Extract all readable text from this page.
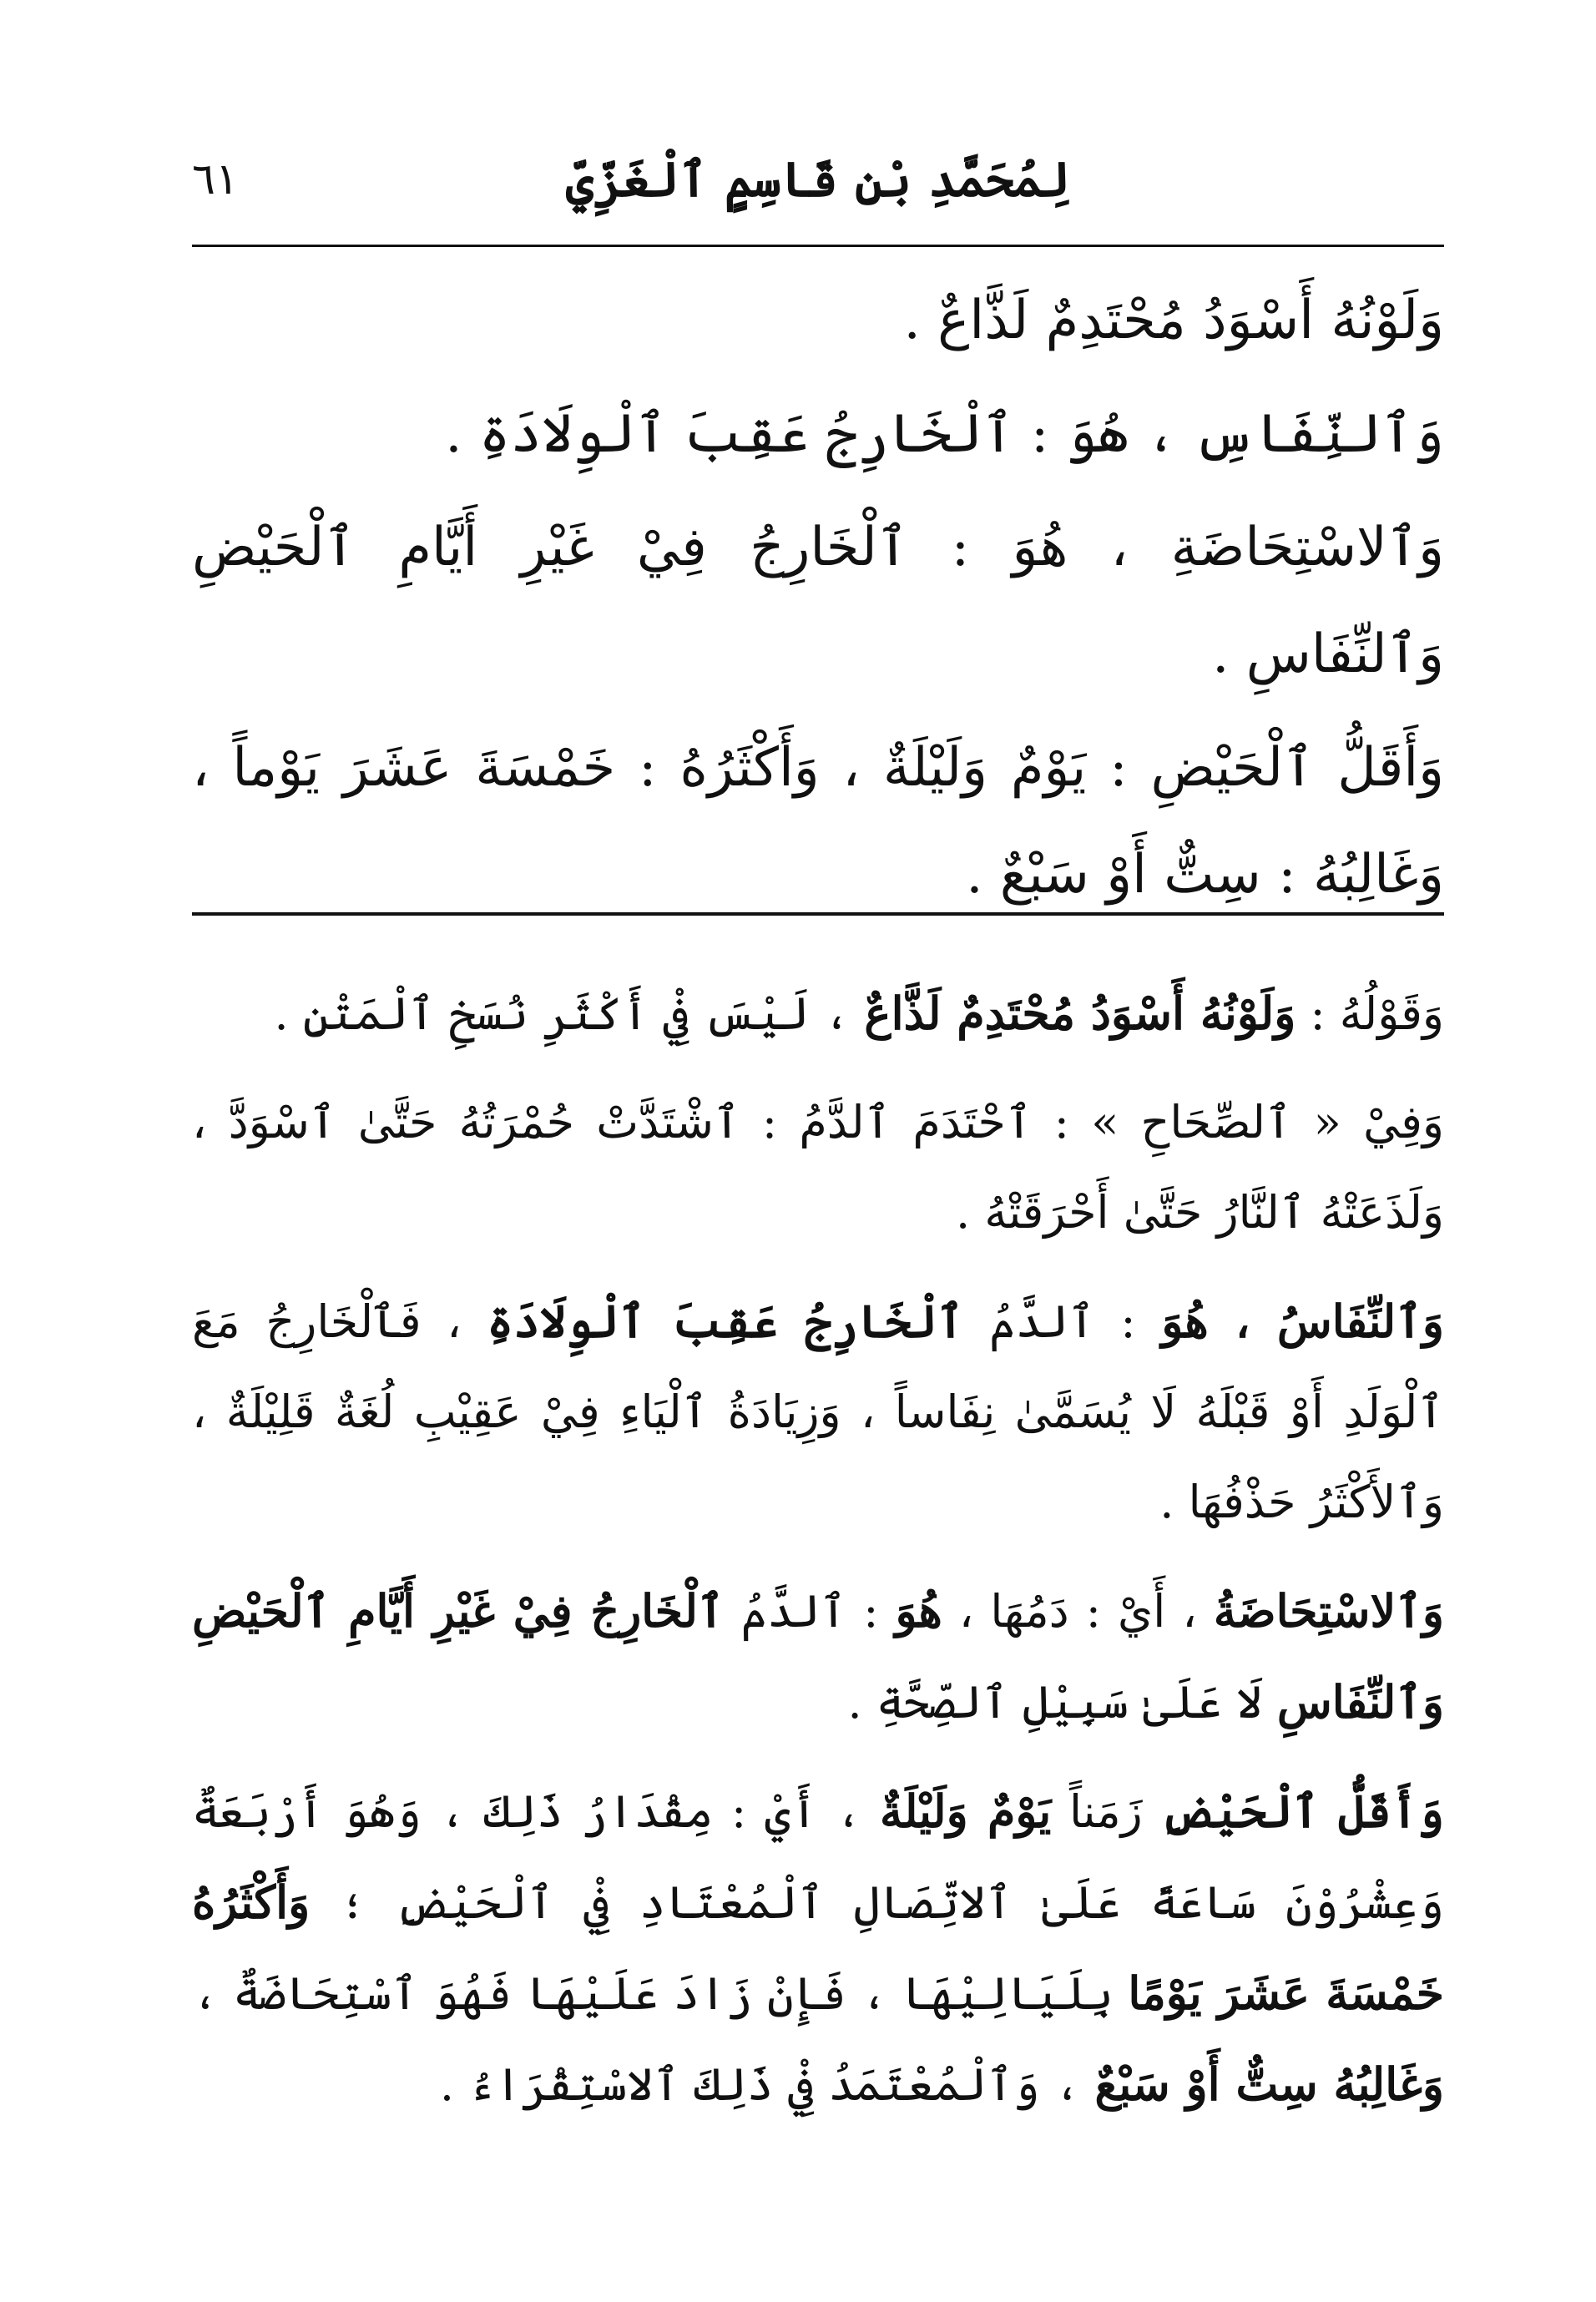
لِمُحَمَّدِ بْنِ قَاسِمٍ ٱلْغَزِّيِّ
٦١

وَلَوْنُهُ أَسْوَدُ مُحْتَدِمٌ لَذَّاعٌ .

وَٱلنِّفَاسِ ، هُوَ : ٱلْخَارِجُ عَقِبَ ٱلْوِلَادَةِ .

وَٱلاسْتِحَاضَةِ ، هُوَ : ٱلْخَارِجُ فِيْ غَيْرِ أَيَّامِ ٱلْحَيْضِ وَٱلنِّفَاسِ .

وَأَقَلُّ ٱلْحَيْضِ : يَوْمٌ وَلَيْلَةٌ ، وَأَكْثَرُهُ : خَمْسَةَ عَشَرَ يَوْماً ، وَغَالِبُهُ : سِتٌّ أَوْ سَبْعٌ .

وَقَوْلُهُ : وَلَوْنُهُ أَسْوَدُ مُحْتَدِمٌ لَذَّاعٌ ، لَيْسَ فِيْ أَكْثَرِ نُسَخِ ٱلْمَتْنِ .

وَفِيْ « ٱلصِّحَاحِ » : ٱحْتَدَمَ ٱلدَّمُ : ٱشْتَدَّتْ حُمْرَتُهُ حَتَّىٰ ٱسْوَدَّ ، وَلَذَعَتْهُ ٱلنَّارُ حَتَّىٰ أَحْرَقَتْهُ .

وَٱلنِّفَاسُ ، هُوَ : ٱلدَّمُ ٱلْخَارِجُ عَقِبَ ٱلْوِلَادَةِ ، فَٱلْخَارِجُ مَعَ ٱلْوَلَدِ أَوْ قَبْلَهُ لَا يُسَمَّىٰ نِفَاساً ، وَزِيَادَةُ ٱلْيَاءِ فِيْ عَقِيْبِ لُغَةٌ قَلِيْلَةٌ ، وَٱلأَكْثَرُ حَذْفُهَا .

وَٱلاسْتِحَاضَةُ ، أَيْ : دَمُهَا ، هُوَ : ٱلدَّمُ ٱلْخَارِجُ فِيْ غَيْرِ أَيَّامِ ٱلْحَيْضِ وَٱلنِّفَاسِ لَا عَلَىٰ سَبِيْلِ ٱلصِّحَّةِ .

وَأَقَلُّ ٱلْحَيْضِ زَمَناً يَوْمٌ وَلَيْلَةٌ ، أَيْ : مِقْدَارُ ذَلِكَ ، وَهُوَ أَرْبَعَةٌ وَعِشْرُوْنَ سَاعَةً عَلَىٰ ٱلاتِّصَالِ ٱلْمُعْتَادِ فِيْ ٱلْحَيْضِ ؛ وَأَكْثَرُهُ خَمْسَةَ عَشَرَ يَوْمًا بِلَيَالِيْهَا ، فَإِنْ زَادَ عَلَيْهَا فَهُوَ ٱسْتِحَاضَةٌ ، وَغَالِبُهُ سِتٌّ أَوْ سَبْعٌ ، وَٱلْمُعْتَمَدُ فِيْ ذَلِكَ ٱلاسْتِقْرَاءُ .
